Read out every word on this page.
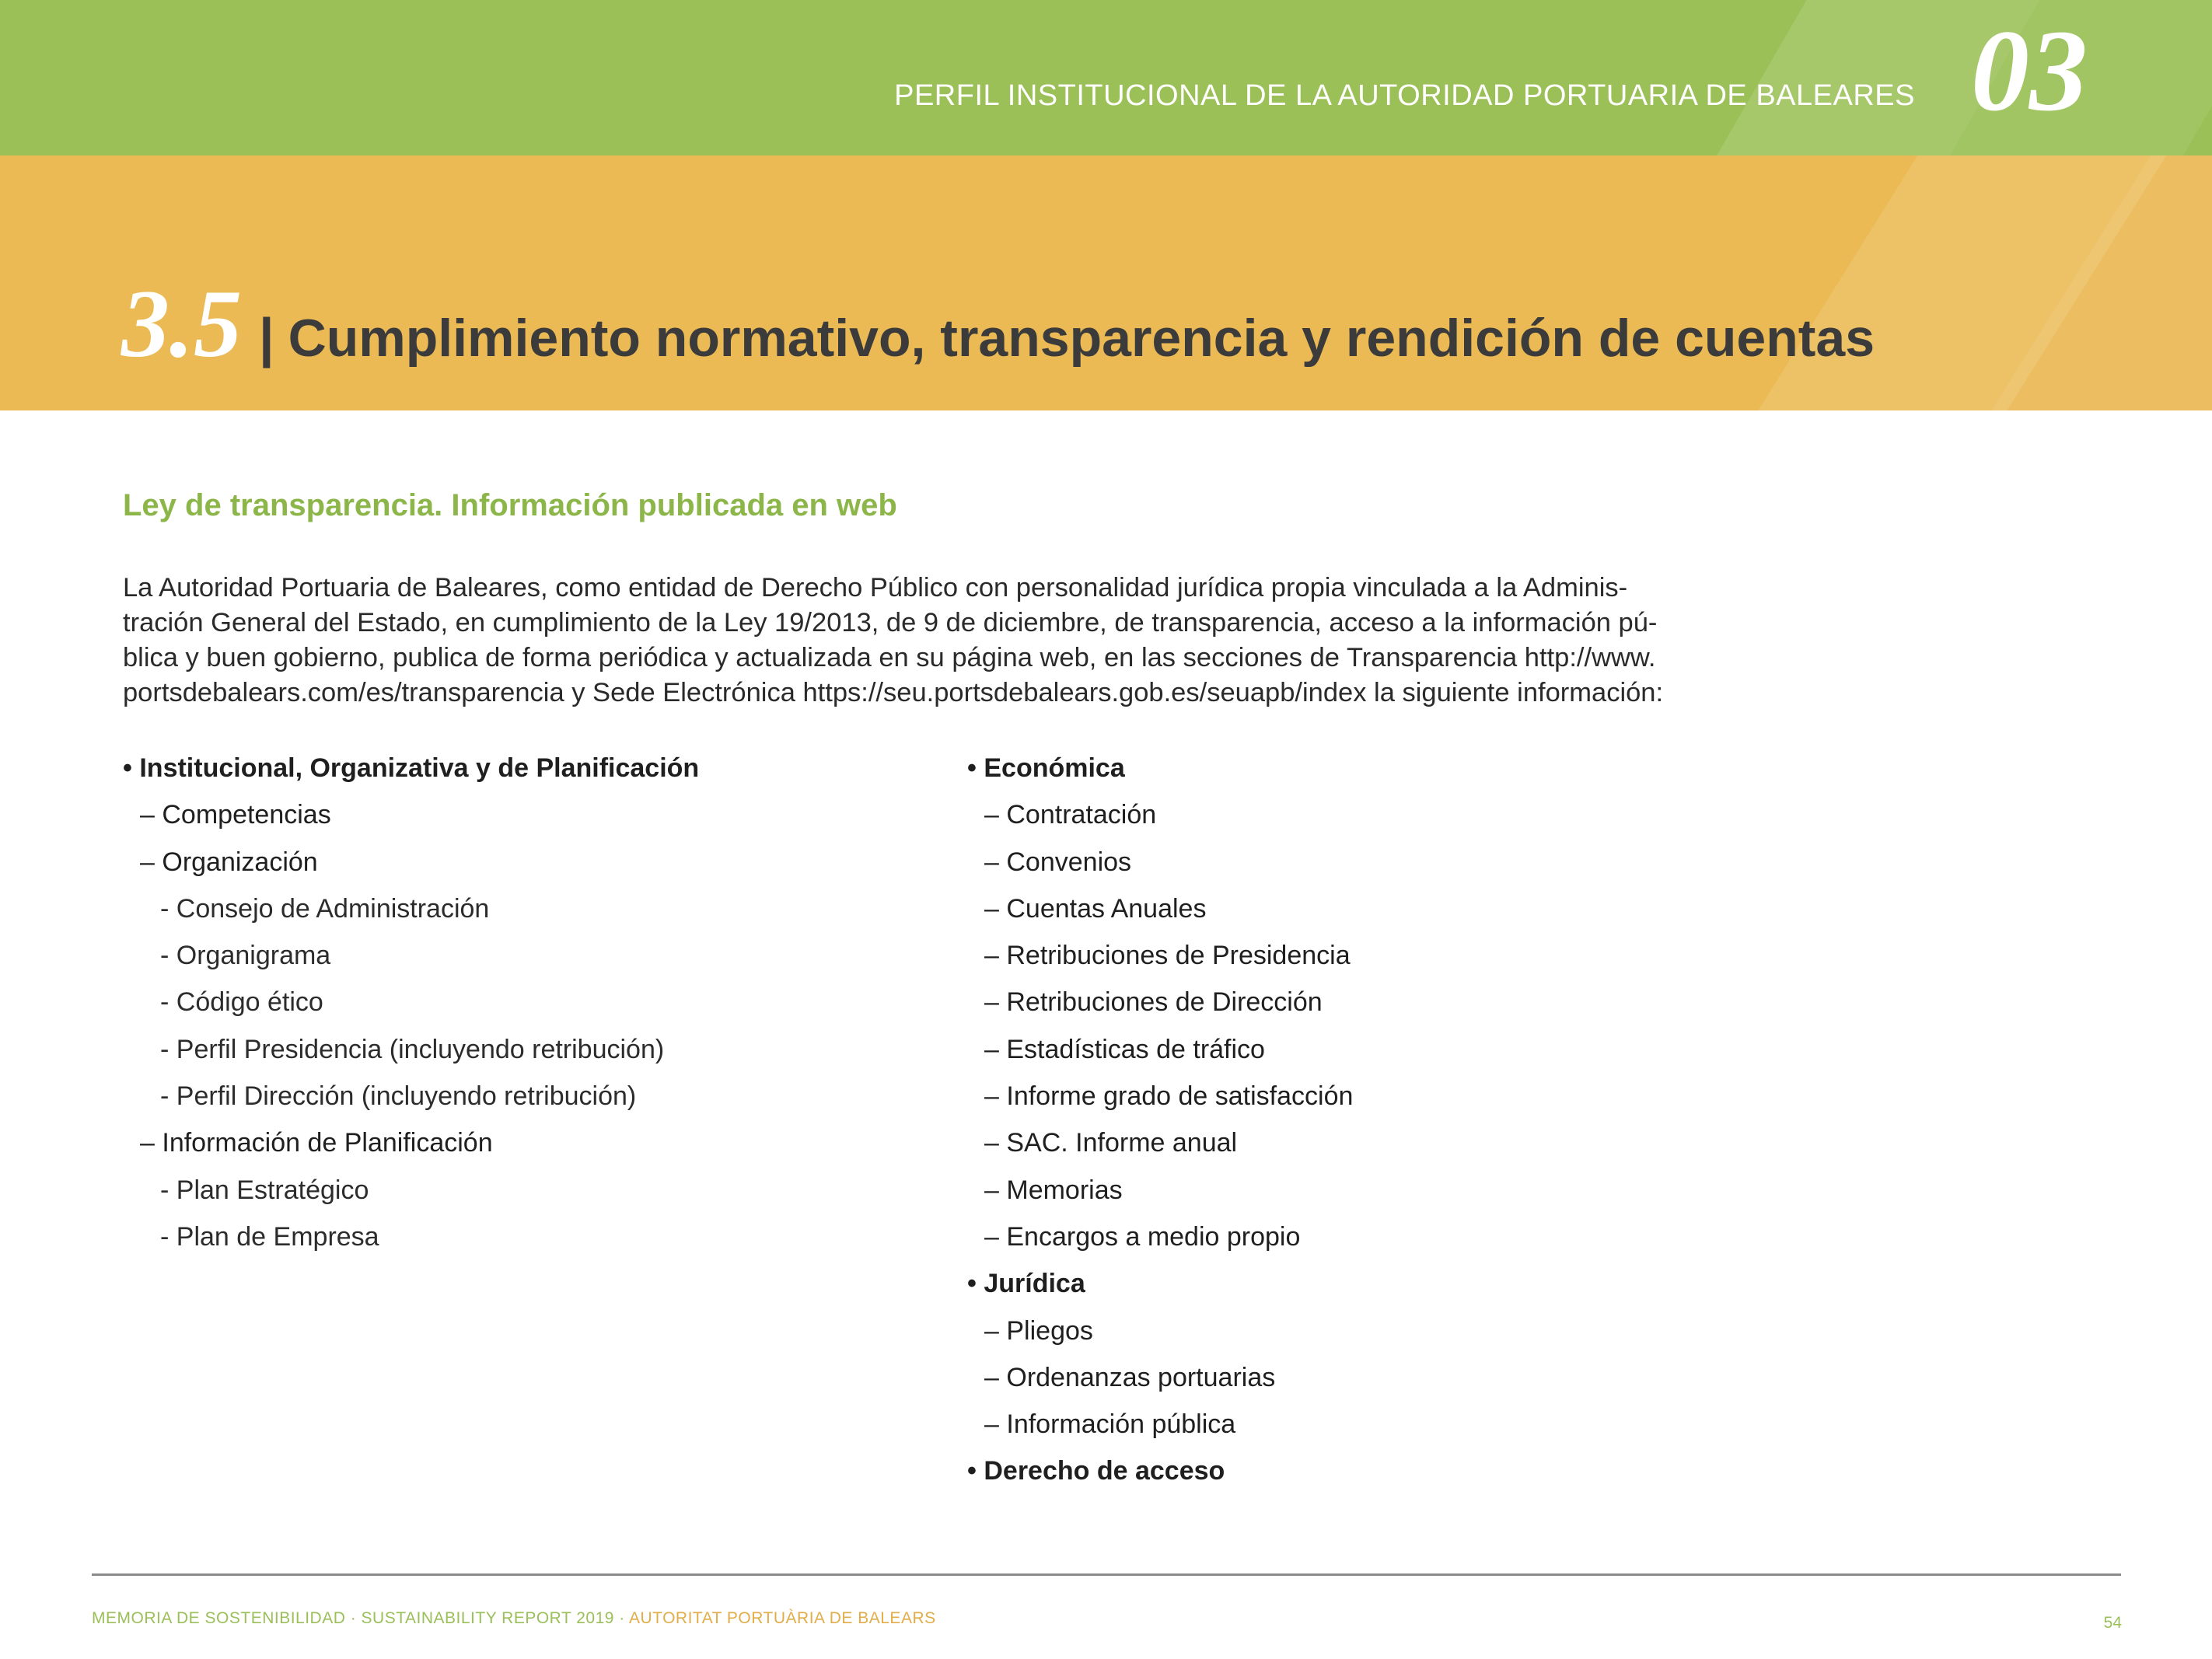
PERFIL INSTITUCIONAL DE LA AUTORIDAD PORTUARIA DE BALEARES 03
3.5 | Cumplimiento normativo, transparencia y rendición de cuentas
Ley de transparencia. Información publicada en web
La Autoridad Portuaria de Baleares, como entidad de Derecho Público con personalidad jurídica propia vinculada a la Adminis-
tración General del Estado, en cumplimiento de la Ley 19/2013, de 9 de diciembre, de transparencia, acceso a la información pú-
blica y buen gobierno, publica de forma periódica y actualizada en su página web, en las secciones de Transparencia http://www.
portsdebalears.com/es/transparencia y Sede Electrónica https://seu.portsdebalears.gob.es/seuapb/index la siguiente información:
• Institucional, Organizativa y de Planificación
– Competencias
– Organización
- Consejo de Administración
- Organigrama
- Código ético
- Perfil Presidencia (incluyendo retribución)
- Perfil Dirección (incluyendo retribución)
– Información de Planificación
- Plan Estratégico
- Plan de Empresa
• Económica
– Contratación
– Convenios
– Cuentas Anuales
– Retribuciones de Presidencia
– Retribuciones de Dirección
– Estadísticas de tráfico
– Informe grado de satisfacción
– SAC. Informe anual
– Memorias
– Encargos a medio propio
• Jurídica
– Pliegos
– Ordenanzas portuarias
– Información pública
• Derecho de acceso
MEMORIA DE SOSTENIBILIDAD · SUSTAINABILITY REPORT 2019 · AUTORITAT PORTUÀRIA DE BALEARS	54
